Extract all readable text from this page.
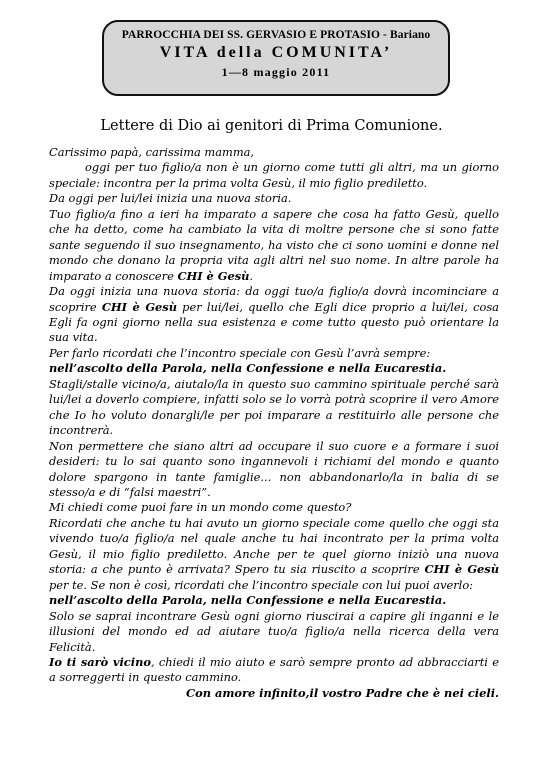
PARROCCHIA DEI SS. GERVASIO E PROTASIO - Bariano
VITA della COMUNITA’
1—8 maggio 2011
Lettere di Dio ai genitori di Prima Comunione.

Carissimo papà, carissima mamma,

oggi per tuo figlio/a non è un giorno come tutti gli altri, ma un giorno speciale: incontra per la prima volta Gesù, il mio figlio prediletto.

Da oggi per lui/lei inizia una nuova storia.

Tuo figlio/a fino a ieri ha imparato a sapere che cosa ha fatto Gesù, quello che ha detto, come ha cambiato la vita di moltre persone che si sono fatte sante seguendo il suo insegnamento, ha visto che ci sono uomini e donne nel mondo che donano la propria vita agli altri nel suo nome. In altre parole ha imparato a conoscere CHI è Gesù.

Da oggi inizia una nuova storia: da oggi tuo/a figlio/a dovrà incominciare a scoprire CHI è Gesù per lui/lei, quello che Egli dice proprio a lui/lei, cosa Egli fa ogni giorno nella sua esistenza e come tutto questo può orientare la sua vita.

Per farlo ricordati che l’incontro speciale con Gesù l’avrà sempre:

nell’ascolto della Parola, nella Confessione e nella Eucarestia.

Stagli/stalle vicino/a, aiutalo/la in questo suo cammino spirituale perché sarà lui/lei a doverlo compiere, infatti solo se lo vorrà potrà scoprire il vero Amore che Io ho voluto donargli/le per poi imparare a restituirlo alle persone che incontrerà.

Non permettere che siano altri ad occupare il suo cuore e a formare i suoi desideri: tu lo sai quanto sono ingannevoli i richiami del mondo e quanto dolore spargono in tante famiglie... non abbandonarlo/la in balia di se stesso/a e di “falsi maestri”.

Mi chiedi come puoi fare in un mondo come questo?

Ricordati che anche tu hai avuto un giorno speciale come quello che oggi sta vivendo tuo/a figlio/a nel quale anche tu hai incontrato per la prima volta Gesù, il mio figlio prediletto. Anche per te quel giorno iniziò una nuova storia: a che punto è arrivata? Spero tu sia riuscito a scoprire CHI è Gesù per te. Se non è così, ricordati che l’incontro speciale con lui puoi averlo:

nell’ascolto della Parola, nella Confessione e nella Eucarestia.

Solo se saprai incontrare Gesù ogni giorno riuscirai a capire gli inganni e le illusioni del mondo ed ad aiutare tuo/a figlio/a nella ricerca della vera Felicità.

Io ti sarò vicino, chiedi il mio aiuto e sarò sempre pronto ad abbracciarti e a sorreggerti in questo cammino.

Con amore infinito,il vostro Padre che è nei cieli.
